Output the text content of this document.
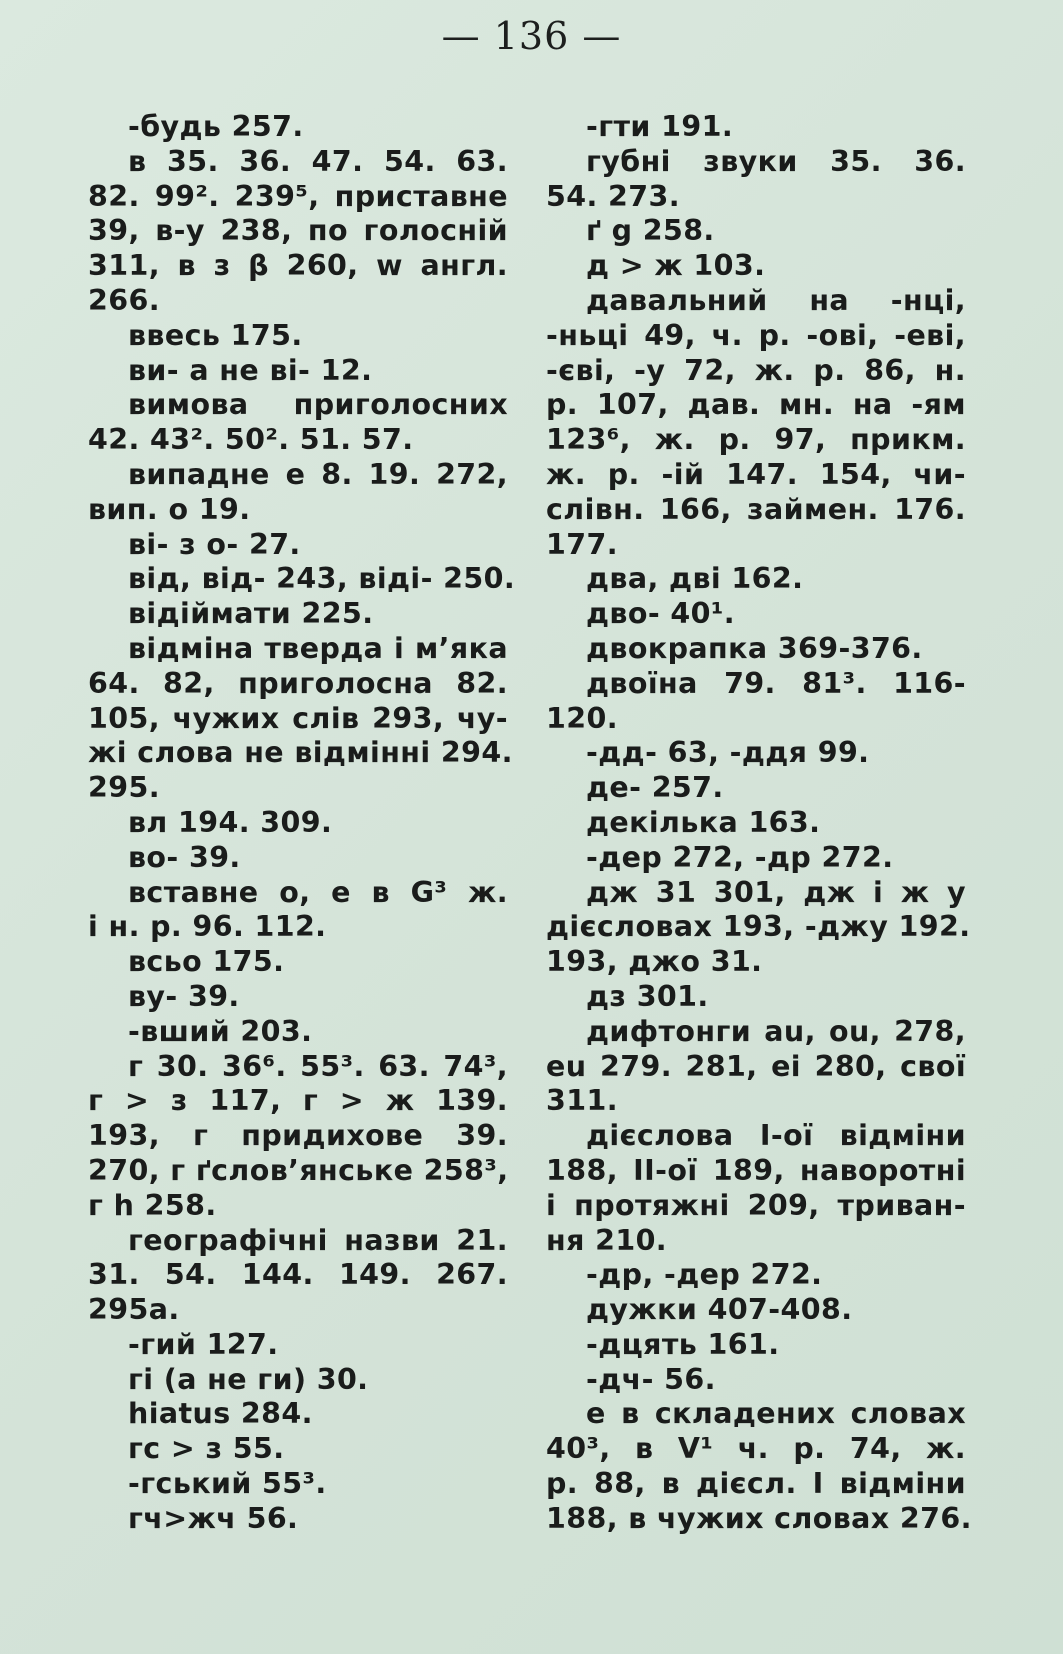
— 136 —
-будь 257.
в 35. 36. 47. 54. 63.
82. 99². 239⁵, приставне
39, в-у 238, по голосній
311, в з β 260, w англ.
266.
ввесь 175.
ви- а не ві- 12.
вимова приголосних
42. 43². 50². 51. 57.
випадне е 8. 19. 272,
вип. о 19.
ві- з о- 27.
від, від- 243, віді- 250.
відіймати 225.
відміна тверда і м’яка
64. 82, приголосна 82.
105, чужих слів 293, чу-
жі слова не відмінні 294.
295.
вл 194. 309.
во- 39.
вставне о, е в G³ ж.
і н. р. 96. 112.
всьо 175.
ву- 39.
-вший 203.
г 30. 36⁶. 55³. 63. 74³,
г > з 117, г > ж 139.
193, г придихове 39.
270, г ґслов’янське 258³,
г h 258.
географічні назви 21.
31. 54. 144. 149. 267.
295а.
-гий 127.
гі (а не ги) 30.
hiatus 284.
гс > з 55.
-гський 55³.
гч>жч 56.
-гти 191.
губні звуки 35. 36.
54. 273.
ґ g 258.
д > ж 103.
давальний на -нці,
-ньці 49, ч. р. -ові, -еві,
-єві, -у 72, ж. р. 86, н.
р. 107, дав. мн. на -ям
123⁶, ж. р. 97, прикм.
ж. р. -ій 147. 154, чи-
слівн. 166, займен. 176.
177.
два, дві 162.
дво- 40¹.
двокрапка 369-376.
двоїна 79. 81³. 116-
120.
-дд- 63, -ддя 99.
де- 257.
декілька 163.
-дер 272, -др 272.
дж 31 301, дж і ж у
дієсловах 193, -джу 192.
193, джо 31.
дз 301.
дифтонги au, ou, 278,
eu 279. 281, ei 280, свої
311.
дієслова І-ої відміни
188, ІІ-ої 189, наворотні
і протяжні 209, триван-
ня 210.
-др, -дер 272.
дужки 407-408.
-дцять 161.
-дч- 56.
е в складених словах
40³, в V¹ ч. р. 74, ж.
р. 88, в дієсл. І відміни
188, в чужих словах 276.
